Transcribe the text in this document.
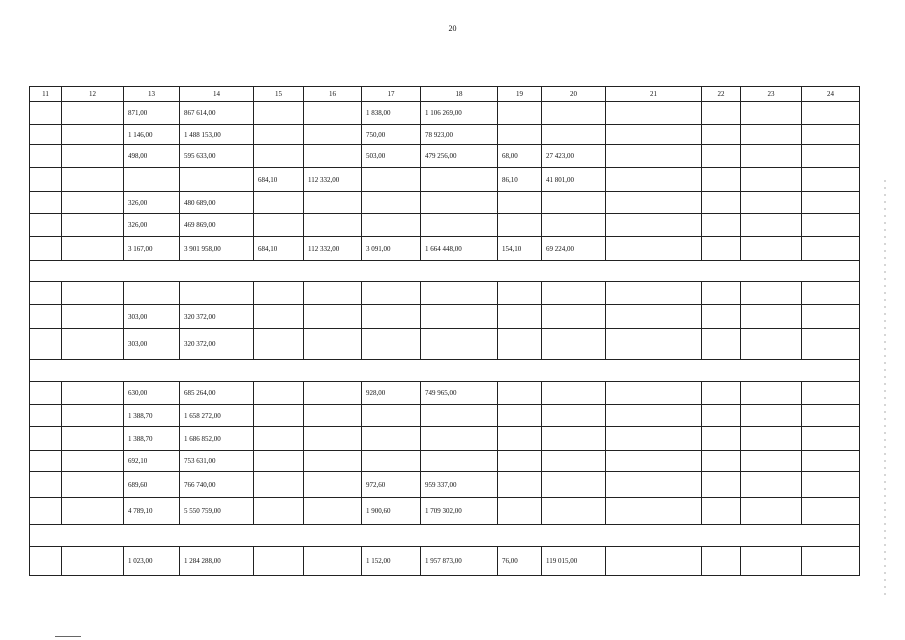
20
11	12	13	14	15	16	17	18	19	20	21	22	23	24
		871,00	867 614,00			1 838,00	1 106 269,00						
		1 146,00	1 488 153,00			750,00	78 923,00						
		498,00	595 633,00			503,00	479 256,00	68,00	27 423,00				
				684,10	112 332,00			86,10	41 801,00				
		326,00	480 689,00										
		326,00	469 869,00										
		3 167,00	3 901 958,00	684,10	112 332,00	3 091,00	1 664 448,00	154,10	69 224,00				

		303,00	320 372,00										
		303,00	320 372,00										

		630,00	685 264,00			928,00	749 965,00						
		1 388,70	1 658 272,00										
		1 388,70	1 686 852,00										
		692,10	753 631,00										
		689,60	766 740,00			972,60	959 337,00						
		4 789,10	5 550 759,00			1 900,60	1 709 302,00						

		1 023,00	1 284 288,00			1 152,00	1 957 873,00	76,00	119 015,00				
